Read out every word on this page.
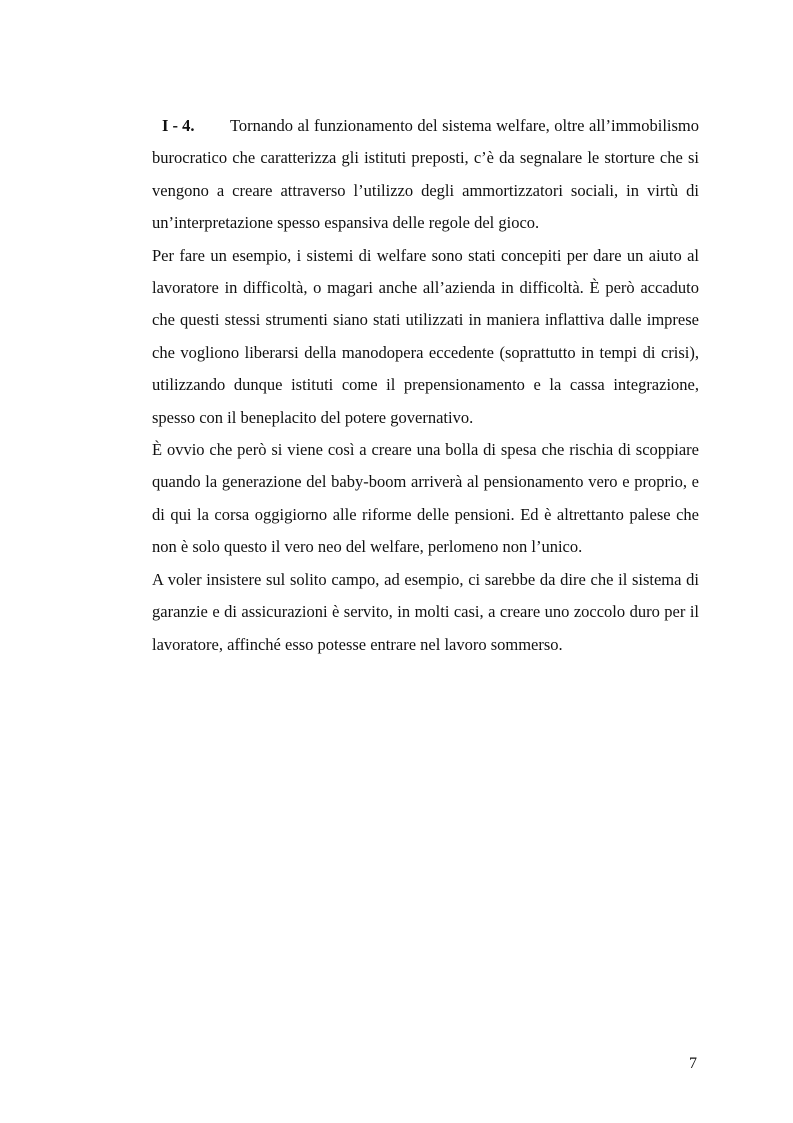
I - 4. Tornando al funzionamento del sistema welfare, oltre all’immobilismo burocratico che caratterizza gli istituti preposti, c’è da segnalare le storture che si vengono a creare attraverso l’utilizzo degli ammortizzatori sociali, in virtù di un’interpretazione spesso espansiva delle regole del gioco.

Per fare un esempio, i sistemi di welfare sono stati concepiti per dare un aiuto al lavoratore in difficoltà, o magari anche all’azienda in difficoltà. È però accaduto che questi stessi strumenti siano stati utilizzati in maniera inflattiva dalle imprese che vogliono liberarsi della manodopera eccedente (soprattutto in tempi di crisi), utilizzando dunque istituti come il prepensionamento e la cassa integrazione, spesso con il beneplacito del potere governativo.

È ovvio che però si viene così a creare una bolla di spesa che rischia di scoppiare quando la generazione del baby-boom arriverà al pensionamento vero e proprio, e di qui la corsa oggigiorno alle riforme delle pensioni. Ed è altrettanto palese che non è solo questo il vero neo del welfare, perlomeno non l’unico.

A voler insistere sul solito campo, ad esempio, ci sarebbe da dire che il sistema di garanzie e di assicurazioni è servito, in molti casi, a creare uno zoccolo duro per il lavoratore, affinché esso potesse entrare nel lavoro sommerso.

7
